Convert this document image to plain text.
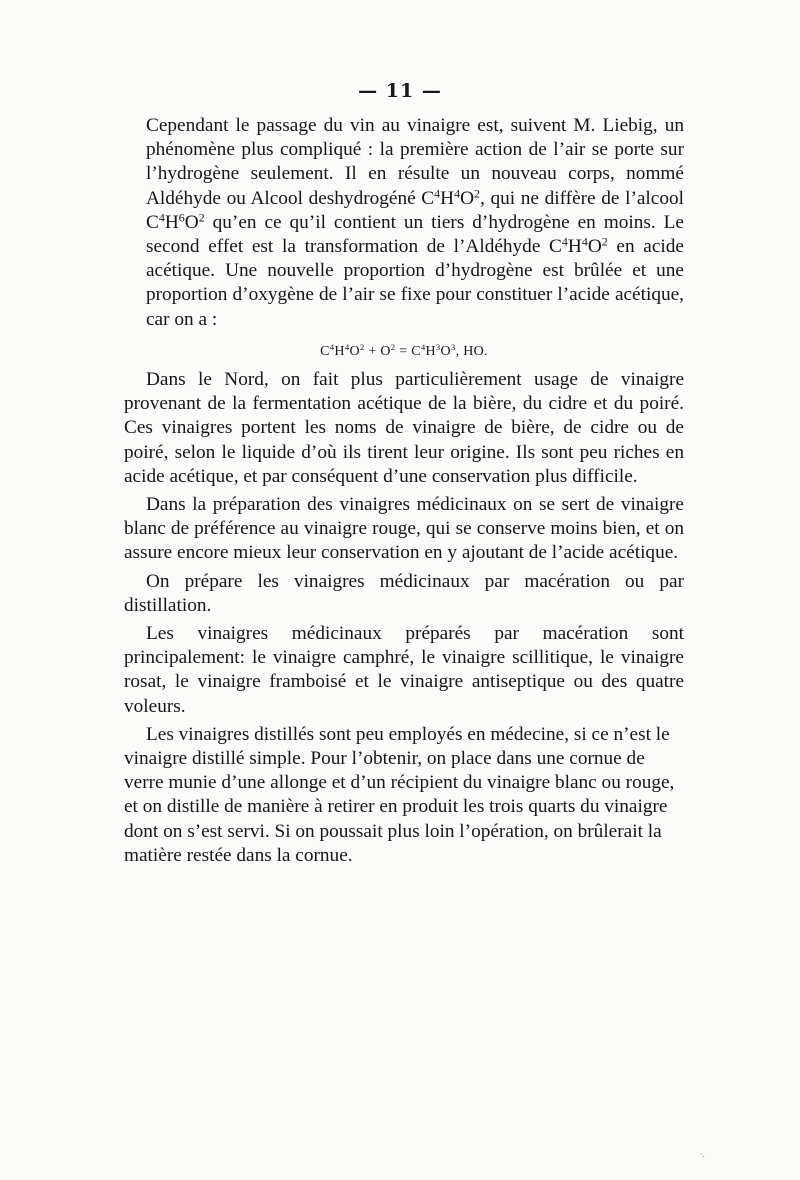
— 11 —

Cependant le passage du vin au vinaigre est, suivent M. Liebig, un phénomène plus compliqué : la première action de l’air se porte sur l’hydrogène seulement. Il en résulte un nouveau corps, nommé Aldéhyde ou Alcool deshydrogéné $C^4H^4O^2$, qui ne diffère de l’alcool $C^4H^6O^2$ qu’en ce qu’il contient un tiers d’hydrogène en moins. Le second effet est la transformation de l’Aldéhyde $C^4H^4O^2$ en acide acétique. Une nouvelle proportion d’hydrogène est brûlée et une proportion d’oxygène de l’air se fixe pour constituer l’acide acétique, car on a :

$C^4H^4O^2 + O^2 = C^4H^3O^3$, HO.

Dans le Nord, on fait plus particulièrement usage de vinaigre provenant de la fermentation acétique de la bière, du cidre et du poiré. Ces vinaigres portent les noms de vinaigre de bière, de cidre ou de poiré, selon le liquide d’où ils tirent leur origine. Ils sont peu riches en acide acétique, et par conséquent d’une conservation plus difficile.

Dans la préparation des vinaigres médicinaux on se sert de vinaigre blanc de préférence au vinaigre rouge, qui se conserve moins bien, et on assure encore mieux leur conservation en y ajoutant de l’acide acétique.

On prépare les vinaigres médicinaux par macération ou par distillation.

Les vinaigres médicinaux préparés par macération sont principalement: le vinaigre camphré, le vinaigre scillitique, le vinaigre rosat, le vinaigre framboisé et le vinaigre antiseptique ou des quatre voleurs.

Les vinaigres distillés sont peu employés en médecine, si ce n’est le vinaigre distillé simple. Pour l’obtenir, on place dans une cornue de verre munie d’une allonge et d’un récipient du vinaigre blanc ou rouge, et on distille de manière à retirer en produit les trois quarts du vinaigre dont on s’est servi. Si on poussait plus loin l’opération, on brûlerait la matière restée dans la cornue.

·.
